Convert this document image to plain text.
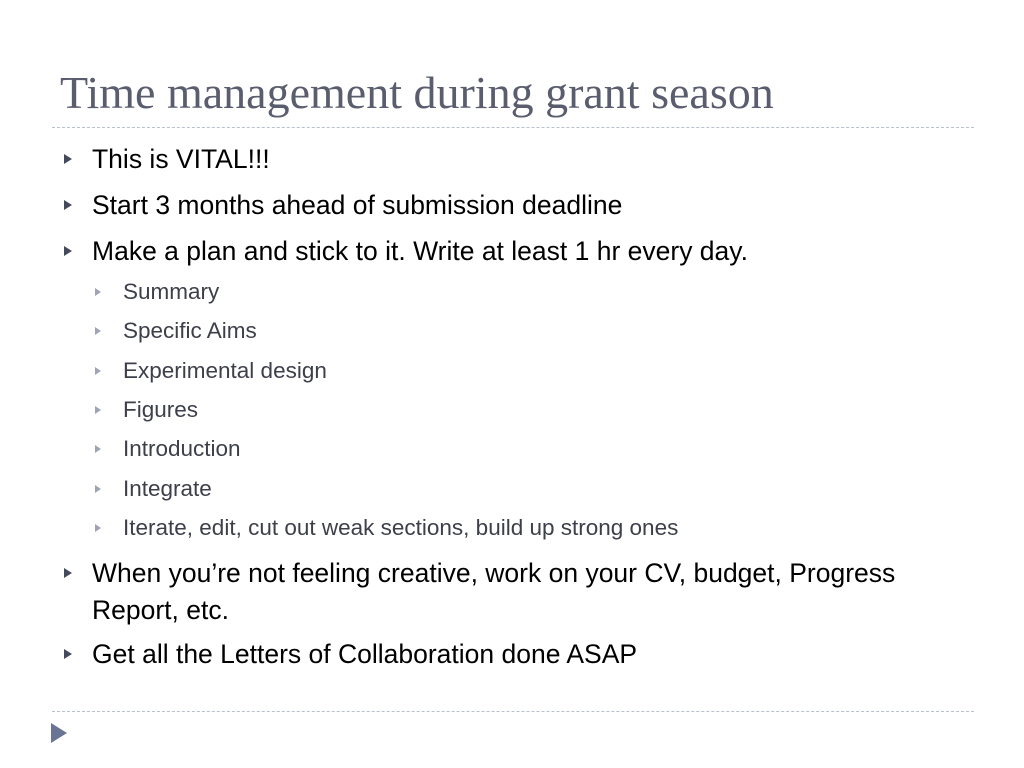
Time management during grant season
This is VITAL!!!
Start 3 months ahead of submission deadline
Make a plan and stick to it. Write at least 1 hr every day.
Summary
Specific Aims
Experimental design
Figures
Introduction
Integrate
Iterate, edit, cut out weak sections, build up strong ones
When you’re not feeling creative, work on your CV, budget, Progress Report, etc.
Get all the Letters of Collaboration done ASAP
